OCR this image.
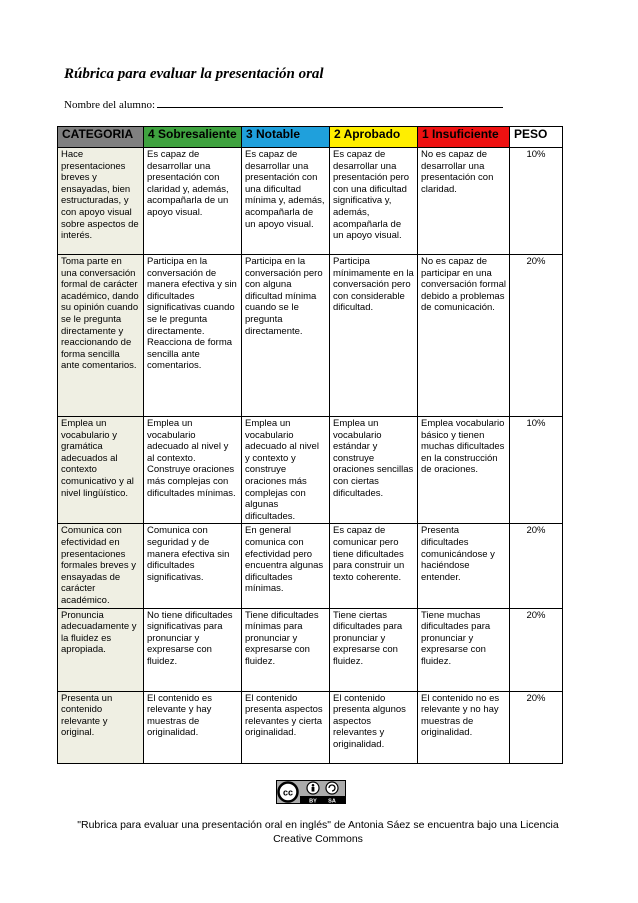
Rúbrica para evaluar la presentación oral
Nombre del alumno:
CATEGORIA	4 Sobresaliente	3 Notable	2 Aprobado	1 Insuficiente	PESO
Hace presentaciones breves y ensayadas, bien estructuradas, y con apoyo visual sobre aspectos de interés.	Es capaz de desarrollar una presentación con claridad y, además, acompañarla de un apoyo visual.	Es capaz de desarrollar una presentación con una dificultad mínima y, además, acompañarla de un apoyo visual.	Es capaz de desarrollar una presentación pero con una dificultad significativa y, además, acompañarla de un apoyo visual.	No es capaz de desarrollar una presentación con claridad.	10%
Toma parte en una conversación formal de carácter académico, dando su opinión cuando se le pregunta directamente y reaccionando de forma sencilla ante comentarios.	Participa en la conversación de manera efectiva y sin dificultades significativas cuando se le pregunta directamente. Reacciona de forma sencilla ante comentarios.	Participa en la conversación pero con alguna dificultad mínima cuando se le pregunta directamente.	Participa mínimamente en la conversación pero con considerable dificultad.	No es capaz de participar en una conversación formal debido a problemas de comunicación.	20%
Emplea un vocabulario y gramática adecuados al contexto comunicativo y al nivel lingüístico.	Emplea un vocabulario adecuado al nivel y al contexto. Construye oraciones más complejas con dificultades mínimas.	Emplea un vocabulario adecuado al nivel y contexto y construye oraciones más complejas con algunas dificultades.	Emplea un vocabulario estándar y construye oraciones sencillas con ciertas dificultades.	Emplea vocabulario básico y tienen muchas dificultades en la construcción de oraciones.	10%
Comunica con efectividad en presentaciones formales breves y ensayadas de carácter académico.	Comunica con seguridad y de manera efectiva sin dificultades significativas.	En general comunica con efectividad pero encuentra algunas dificultades mínimas.	Es capaz de comunicar pero tiene dificultades para construir un texto coherente.	Presenta dificultades comunicándose y haciéndose entender.	20%
Pronuncia adecuadamente y la fluidez es apropiada.	No tiene dificultades significativas para pronunciar y expresarse con fluidez.	Tiene dificultades mínimas para pronunciar y expresarse con fluidez.	Tiene ciertas dificultades para pronunciar y expresarse con fluidez.	Tiene muchas dificultades para pronunciar y expresarse con fluidez.	20%
Presenta un contenido relevante y original.	El contenido es relevante y hay muestras de originalidad.	El contenido presenta aspectos relevantes y cierta originalidad.	El contenido presenta algunos aspectos relevantes y originalidad.	El contenido no es relevante y no hay muestras de originalidad.	20%
cc
BY SA

"Rubrica para evaluar una presentación oral en inglés" de Antonia Sáez se encuentra bajo una Licencia Creative Commons
